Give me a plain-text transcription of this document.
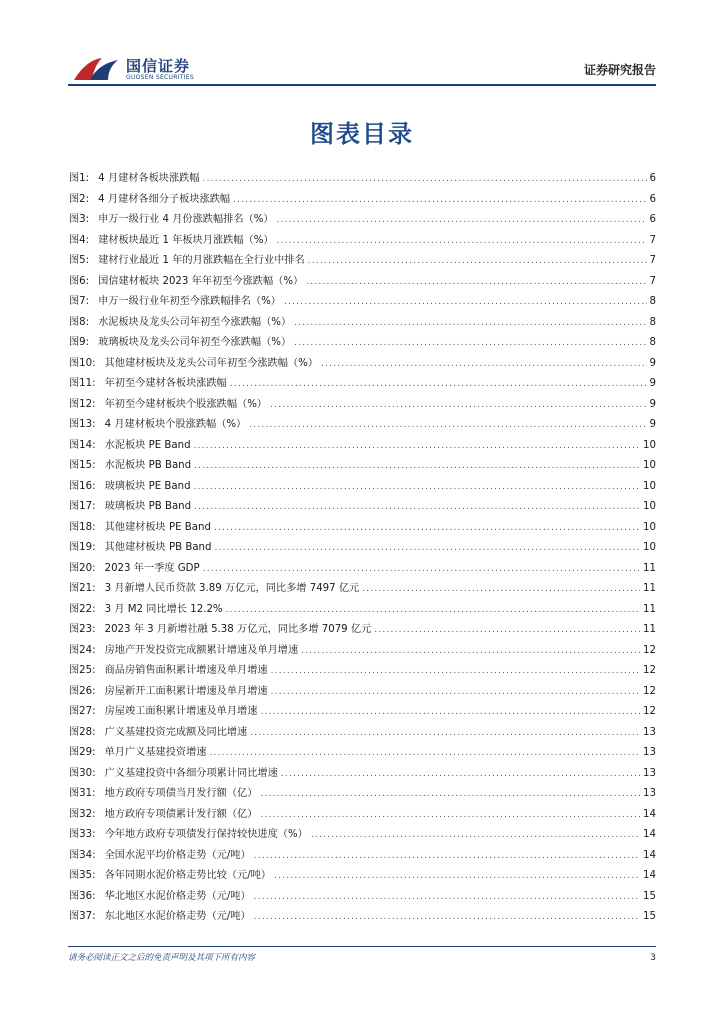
国信证券
GUOSEN SECURITIES
证券研究报告
图表目录
图1: 4 月建材各板块涨跌幅 .....	6
图2: 4 月建材各细分子板块涨跌幅 .....	6
图3: 申万一级行业 4 月份涨跌幅排名（%） .....	6
图4: 建材板块最近 1 年板块月涨跌幅（%） .....	7
图5: 建材行业最近 1 年的月涨跌幅在全行业中排名 .....	7
图6: 国信建材板块 2023 年年初至今涨跌幅（%） .....	7
图7: 申万一级行业年初至今涨跌幅排名（%） .....	8
图8: 水泥板块及龙头公司年初至今涨跌幅（%） .....	8
图9: 玻璃板块及龙头公司年初至今涨跌幅（%） .....	8
图10: 其他建材板块及龙头公司年初至今涨跌幅（%） .....	9
图11: 年初至今建材各板块涨跌幅 .....	9
图12: 年初至今建材板块个股涨跌幅（%） .....	9
图13: 4 月建材板块个股涨跌幅（%） .....	9
图14: 水泥板块 PE Band .....	10
图15: 水泥板块 PB Band .....	10
图16: 玻璃板块 PE Band .....	10
图17: 玻璃板块 PB Band .....	10
图18: 其他建材板块 PE Band .....	10
图19: 其他建材板块 PB Band .....	10
图20: 2023 年一季度 GDP .....	11
图21: 3 月新增人民币贷款 3.89 万亿元，同比多增 7497 亿元 .....	11
图22: 3 月 M2 同比增长 12.2% .....	11
图23: 2023 年 3 月新增社融 5.38 万亿元，同比多增 7079 亿元 .....	11
图24: 房地产开发投资完成额累计增速及单月增速 .....	12
图25: 商品房销售面积累计增速及单月增速 .....	12
图26: 房屋新开工面积累计增速及单月增速 .....	12
图27: 房屋竣工面积累计增速及单月增速 .....	12
图28: 广义基建投资完成额及同比增速 .....	13
图29: 单月广义基建投资增速 .....	13
图30: 广义基建投资中各细分项累计同比增速 .....	13
图31: 地方政府专项债当月发行额（亿） .....	13
图32: 地方政府专项债累计发行额（亿） .....	14
图33: 今年地方政府专项债发行保持较快进度（%） .....	14
图34: 全国水泥平均价格走势（元/吨） .....	14
图35: 各年同期水泥价格走势比较（元/吨） .....	14
图36: 华北地区水泥价格走势（元/吨） .....	15
图37: 东北地区水泥价格走势（元/吨） .....	15
请务必阅读正文之后的免责声明及其项下所有内容	3
